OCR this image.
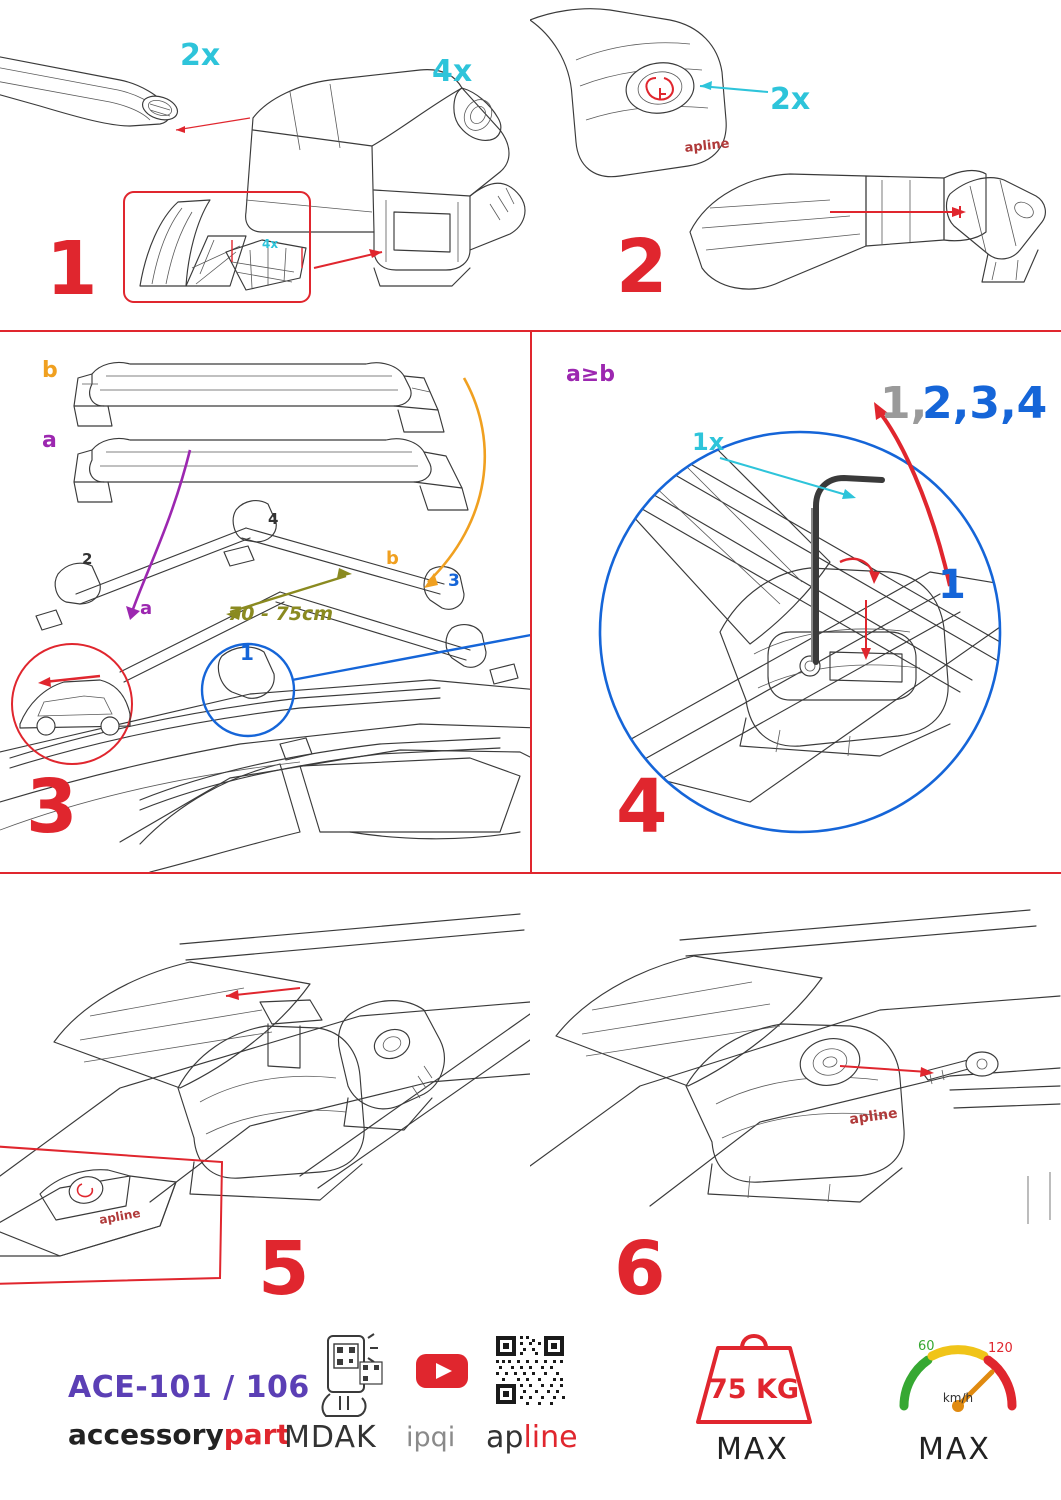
4x
2x	4x
1
apline
2x
2
1
2
3
4
a
b
70 - 75cm
b
a
3
1x
1,
2,3,4
1
a≥b
4
apline
5
apline
6
ACE-101 / 106
accessorypart
MDAK ipqi apline
75 KG
MAX
60	120
km/h
MAX
